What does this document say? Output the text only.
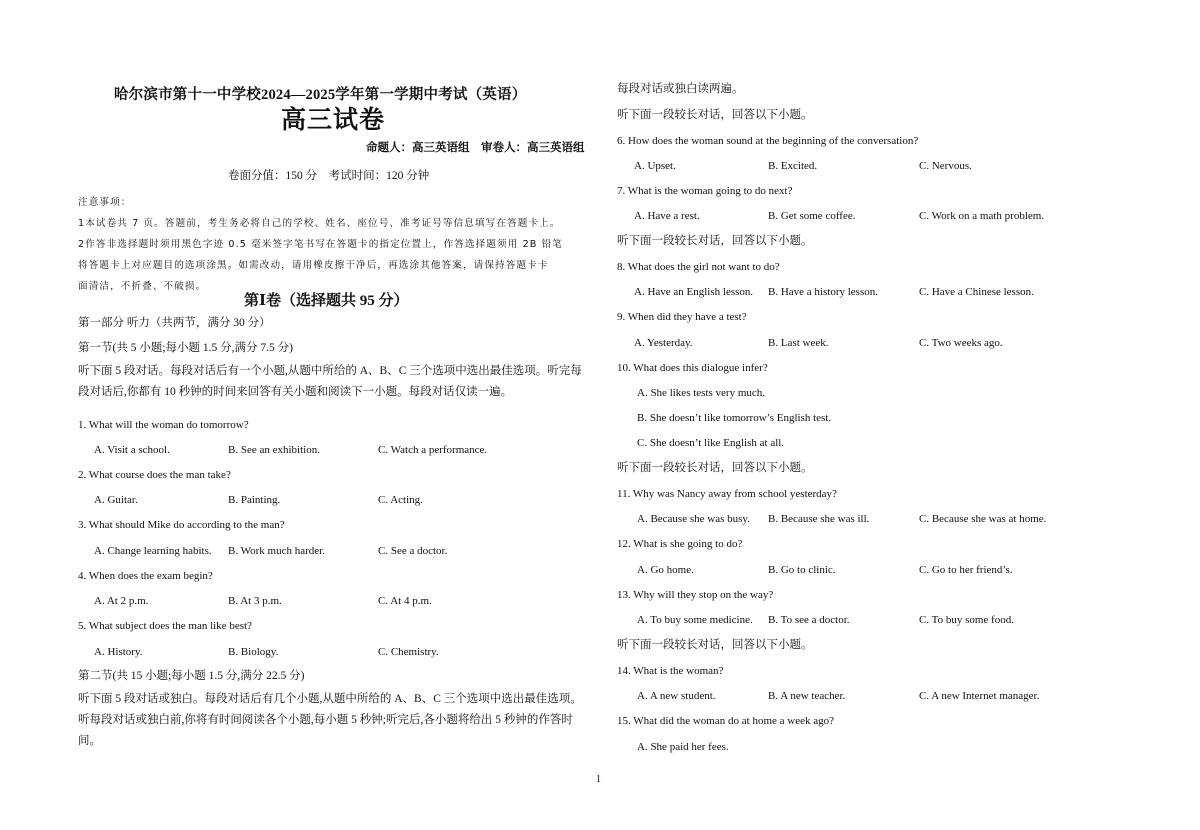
哈尔滨市第十一中学校2024—2025学年第一学期中考试（英语）
高三试卷
命题人：高三英语组　审卷人：高三英语组
卷面分值：150 分　考试时间：120 分钟
注意事项：
1本试卷共 7 页。答题前，考生务必将自己的学校、姓名、座位号、准考证号等信息填写在答题卡上。
2作答非选择题时须用黑色字迹 0.5 毫米签字笔书写在答题卡的指定位置上，作答选择题须用 2B 铅笔
将答题卡上对应题目的选项涂黑。如需改动，请用橡皮擦干净后，再选涂其他答案，请保持答题卡卡
面清洁，不折叠、不破损。
第Ⅰ卷（选择题共 95 分）
第一部分 听力（共两节，满分 30 分）
第一节(共 5 小题;每小题 1.5 分,满分 7.5 分)
听下面 5 段对话。每段对话后有一个小题,从题中所给的 A、B、C 三个选项中选出最佳选项。听完每段对话后,你都有 10 秒钟的时间来回答有关小题和阅读下一小题。每段对话仅读一遍。
1. What will the woman do tomorrow?
A. Visit a school.	B. See an exhibition.	C. Watch a performance.
2. What course does the man take?
A. Guitar.	B. Painting.	C. Acting.
3. What should Mike do according to the man?
A. Change learning habits. B. Work much harder.	C. See a doctor.
4. When does the exam begin?
A. At 2 p.m.	B. At 3 p.m.	C. At 4 p.m.
5. What subject does the man like best?
A. History.	B. Biology.	C. Chemistry.
第二节(共 15 小题;每小题 1.5 分,满分 22.5 分)
听下面 5 段对话或独白。每段对话后有几个小题,从题中所给的 A、B、C 三个选项中选出最佳选项。听每段对话或独白前,你将有时间阅读各个小题,每小题 5 秒钟;听完后,各小题将给出 5 秒钟的作答时间。
每段对话或独白读两遍。
听下面一段较长对话，回答以下小题。
6. How does the woman sound at the beginning of the conversation?
A. Upset.	B. Excited.	C. Nervous.
7. What is the woman going to do next?
A. Have a rest.	B. Get some coffee.	C. Work on a math problem.
听下面一段较长对话，回答以下小题。
8. What does the girl not want to do?
A. Have an English lesson. B. Have a history lesson.	C. Have a Chinese lesson.
9. When did they have a test?
A. Yesterday.	B. Last week.	C. Two weeks ago.
10. What does this dialogue infer?
A. She likes tests very much.
B. She doesn’t like tomorrow’s English test.
C. She doesn’t like English at all.
听下面一段较长对话，回答以下小题。
11. Why was Nancy away from school yesterday?
A. Because she was busy. B. Because she was ill.	C. Because she was at home.
12. What is she going to do?
A. Go home.	B. Go to clinic.	C. Go to her friend’s.
13. Why will they stop on the way?
A. To buy some medicine. B. To see a doctor.	C. To buy some food.
听下面一段较长对话，回答以下小题。
14. What is the woman?
A. A new student.	B. A new teacher.	C. A new Internet manager.
15. What did the woman do at home a week ago?
A. She paid her fees.
1
